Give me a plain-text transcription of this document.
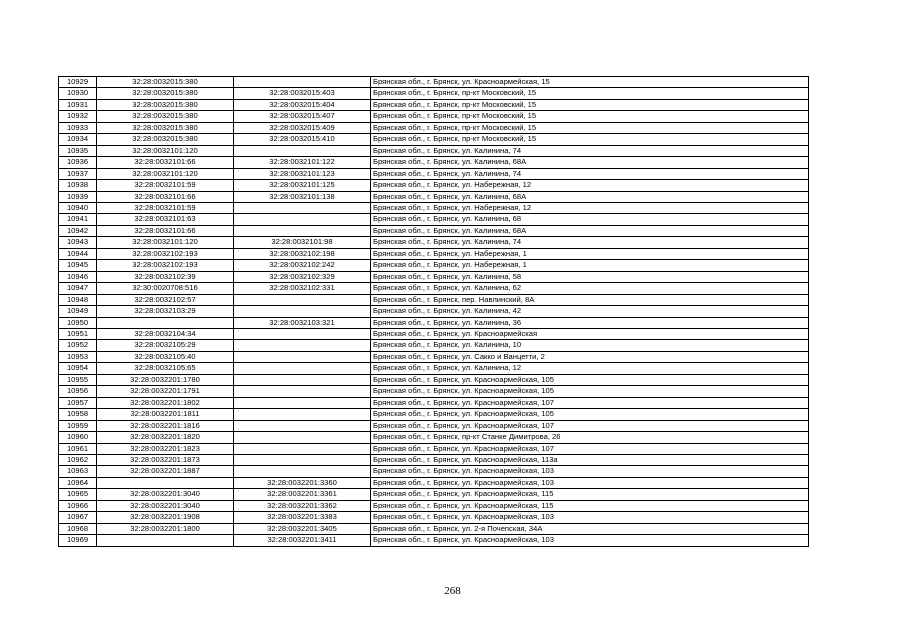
10929	32:28:0032015:380		Брянская обл., г. Брянск, ул. Красноармейская, 15
10930	32:28:0032015:380	32:28:0032015:403	Брянская обл., г. Брянск, пр-кт Московский, 15
10931	32:28:0032015:380	32:28:0032015:404	Брянская обл., г. Брянск, пр-кт Московский, 15
10932	32:28:0032015:380	32:28:0032015:407	Брянская обл., г. Брянск, пр-кт Московский, 15
10933	32:28:0032015:380	32:28:0032015:409	Брянская обл., г. Брянск, пр-кт Московский, 15
10934	32:28:0032015:380	32:28:0032015:410	Брянская обл., г. Брянск, пр-кт Московский, 15
10935	32:28:0032101:120		Брянская обл., г. Брянск, ул. Калинина, 74
10936	32:28:0032101:66	32:28:0032101:122	Брянская обл., г. Брянск, ул. Калинина, 68А
10937	32:28:0032101:120	32:28:0032101:123	Брянская обл., г. Брянск, ул. Калинина, 74
10938	32:28:0032101:59	32:28:0032101:125	Брянская обл., г. Брянск, ул. Набережная, 12
10939	32:28:0032101:66	32:28:0032101:138	Брянская обл., г. Брянск, ул. Калинина, 68А
10940	32:28:0032101:59		Брянская обл., г. Брянск, ул. Набережная, 12
10941	32:28:0032101:63		Брянская обл., г. Брянск, ул. Калинина, 68
10942	32:28:0032101:66		Брянская обл., г. Брянск, ул. Калинина, 68А
10943	32:28:0032101:120	32:28:0032101:98	Брянская обл., г. Брянск, ул. Калинина, 74
10944	32:28:0032102:193	32:28:0032102:198	Брянская обл., г. Брянск, ул. Набережная, 1
10945	32:28:0032102:193	32:28:0032102:242	Брянская обл., г. Брянск, ул. Набережная, 1
10946	32:28:0032102:39	32:28:0032102:329	Брянская обл., г. Брянск, ул. Калинина, 58
10947	32:30:0020708:516	32:28:0032102:331	Брянская обл., г. Брянск, ул. Калинина, 62
10948	32:28:0032102:57		Брянская обл., г. Брянск, пер. Навлинский, 8А
10949	32:28:0032103:29		Брянская обл., г. Брянск, ул. Калинина, 42
10950		32:28:0032103:321	Брянская обл., г. Брянск, ул. Калинина, 36
10951	32:28:0032104:34		Брянская обл., г. Брянск, ул. Красноармейская
10952	32:28:0032105:29		Брянская обл., г. Брянск, ул. Калинина, 10
10953	32:28:0032105:40		Брянская обл., г. Брянск, ул. Сакко и Ванцетти, 2
10954	32:28:0032105:65		Брянская обл., г. Брянск, ул. Калинина, 12
10955	32:28:0032201:1780		Брянская обл., г. Брянск, ул. Красноармейская, 105
10956	32:28:0032201:1791		Брянская обл., г. Брянск, ул. Красноармейская, 105
10957	32:28:0032201:1802		Брянская обл., г. Брянск, ул. Красноармейская, 107
10958	32:28:0032201:1811		Брянская обл., г. Брянск, ул. Красноармейская, 105
10959	32:28:0032201:1816		Брянская обл., г. Брянск, ул. Красноармейская, 107
10960	32:28:0032201:1820		Брянская обл., г. Брянск, пр-кт Станке Димитрова, 26
10961	32:28:0032201:1823		Брянская обл., г. Брянск, ул. Красноармейская, 107
10962	32:28:0032201:1873		Брянская обл., г. Брянск, ул. Красноармейская, 113а
10963	32:28:0032201:1887		Брянская обл., г. Брянск, ул. Красноармейская, 103
10964		32:28:0032201:3360	Брянская обл., г. Брянск, ул. Красноармейская, 103
10965	32:28:0032201:3040	32:28:0032201:3361	Брянская обл., г. Брянск, ул. Красноармейская, 115
10966	32:28:0032201:3040	32:28:0032201:3362	Брянская обл., г. Брянск, ул. Красноармейская, 115
10967	32:28:0032201:1908	32:28:0032201:3383	Брянская обл., г. Брянск, ул. Красноармейская, 103
10968	32:28:0032201:1800	32:28:0032201:3405	Брянская обл., г. Брянск, ул. 2-я Почепская, 34А
10969		32:28:0032201:3411	Брянская обл., г. Брянск, ул. Красноармейская, 103
268
